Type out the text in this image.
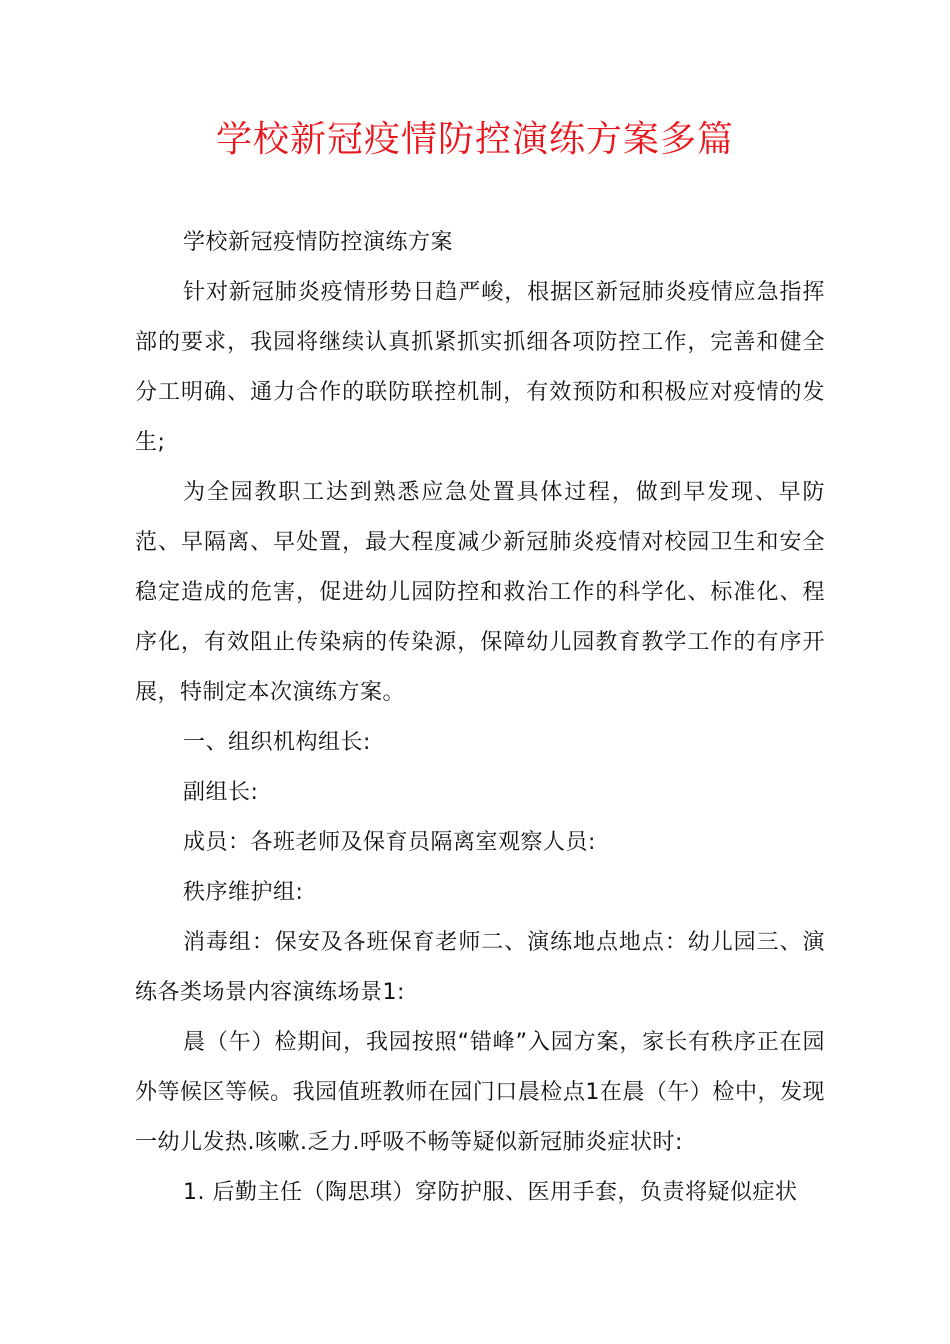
学校新冠疫情防控演练方案多篇

学校新冠疫情防控演练方案

针对新冠肺炎疫情形势日趋严峻，根据区新冠肺炎疫情应急指挥部的要求，我园将继续认真抓紧抓实抓细各项防控工作，完善和健全分工明确、通力合作的联防联控机制，有效预防和积极应对疫情的发生;

为全园教职工达到熟悉应急处置具体过程，做到早发现、早防范、早隔离、早处置，最大程度减少新冠肺炎疫情对校园卫生和安全稳定造成的危害，促进幼儿园防控和救治工作的科学化、标准化、程序化，有效阻止传染病的传染源，保障幼儿园教育教学工作的有序开展，特制定本次演练方案。

一、组织机构组长:

副组长:

成员：各班老师及保育员隔离室观察人员:

秩序维护组:

消毒组：保安及各班保育老师二、演练地点地点：幼儿园三、演练各类场景内容演练场景1:

晨（午）检期间，我园按照“错峰”入园方案，家长有秩序正在园外等候区等候。我园值班教师在园门口晨检点1在晨（午）检中，发现一幼儿发热.咳嗽.乏力.呼吸不畅等疑似新冠肺炎症状时:

1. 后勤主任（陶思琪）穿防护服、医用手套，负责将疑似症状
